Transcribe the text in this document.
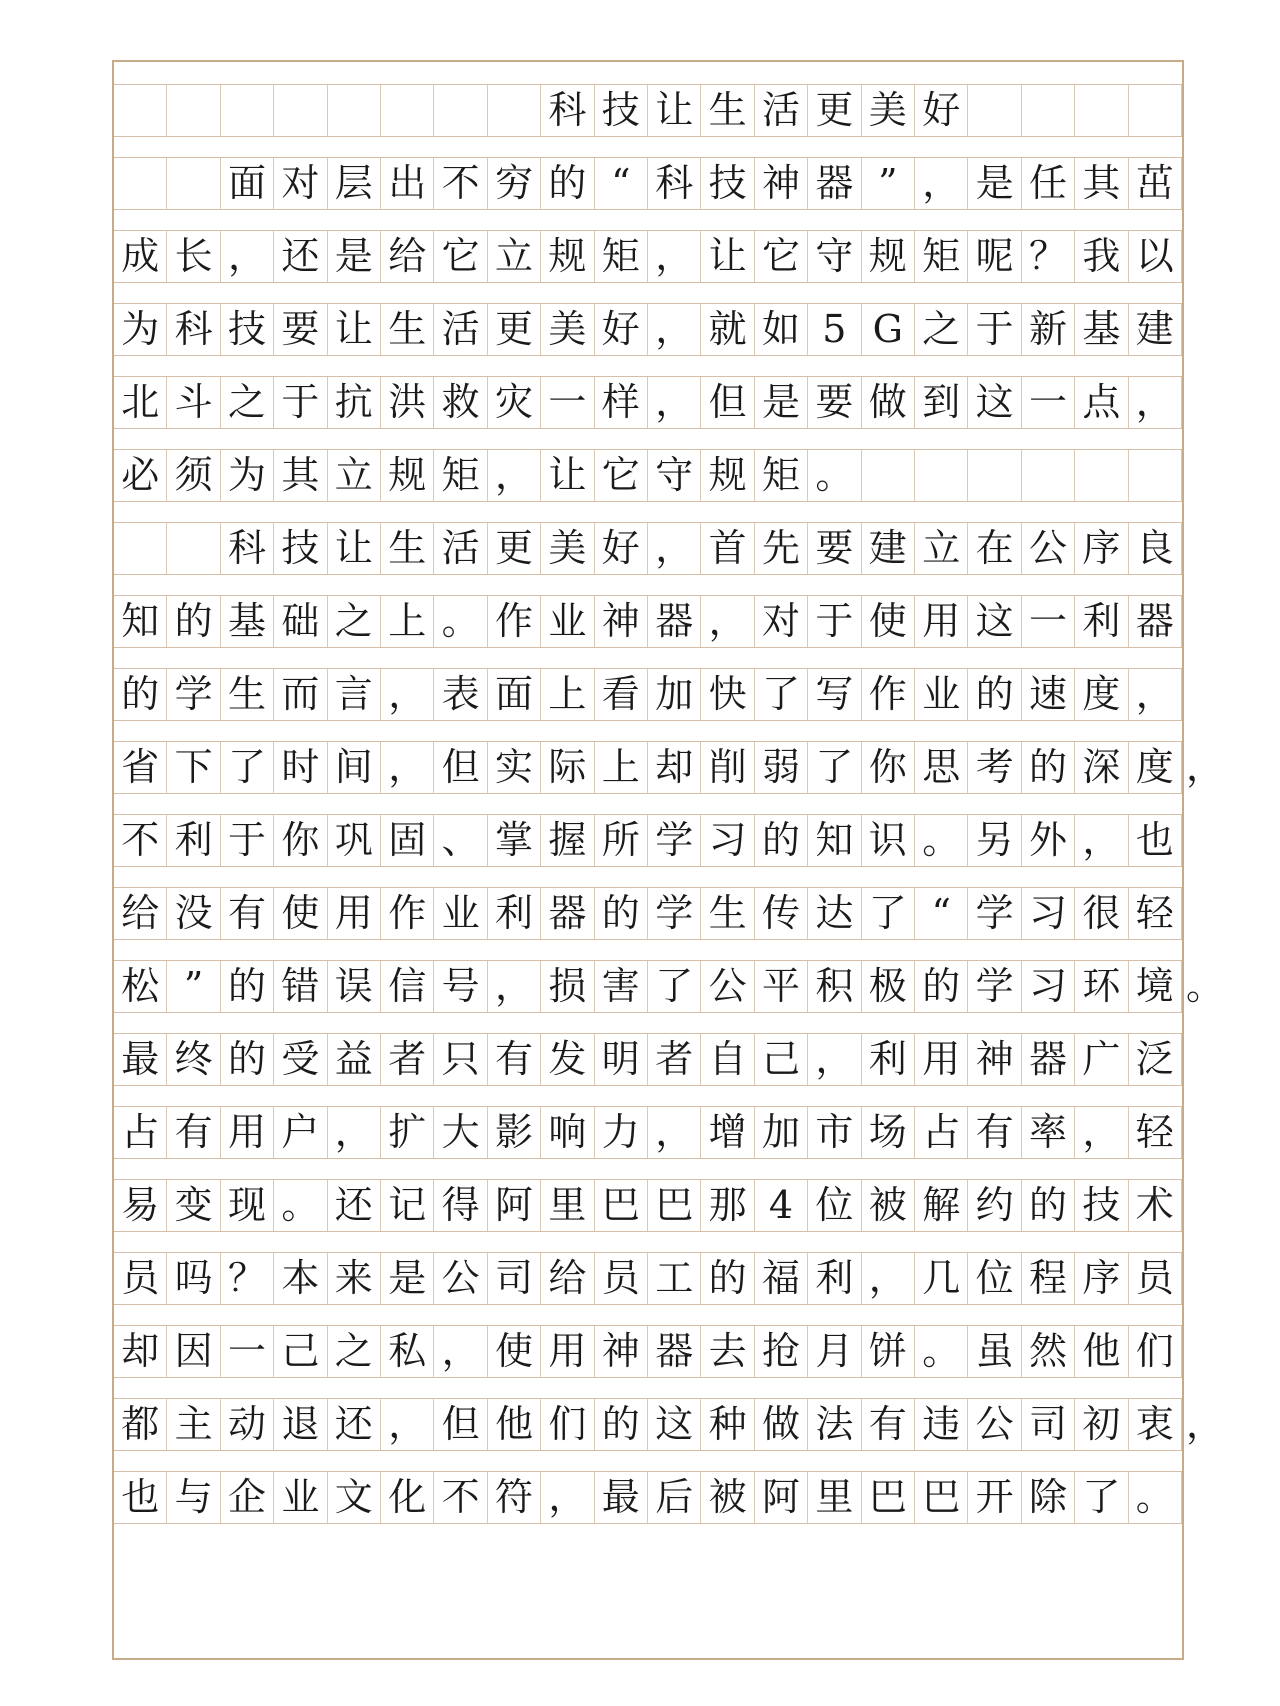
科 技 让 生 活 更 美 好
面 对 层 出 不 穷 的 “ 科 技 神 器 ” ， 是 任 其 茁
成 长 ， 还 是 给 它 立 规 矩 ， 让 它 守 规 矩 呢 ？ 我 以
为 科 技 要 让 生 活 更 美 好 ， 就 如 5 G 之 于 新 基 建
北 斗 之 于 抗 洪 救 灾 一 样 ， 但 是 要 做 到 这 一 点 ，
必 须 为 其 立 规 矩 ， 让 它 守 规 矩 。
科 技 让 生 活 更 美 好 ， 首 先 要 建 立 在 公 序 良
知 的 基 础 之 上 。 作 业 神 器 ， 对 于 使 用 这 一 利 器
的 学 生 而 言 ， 表 面 上 看 加 快 了 写 作 业 的 速 度 ，
省 下 了 时 间 ， 但 实 际 上 却 削 弱 了 你 思 考 的 深 度 ，
不 利 于 你 巩 固 、 掌 握 所 学 习 的 知 识 。 另 外 ， 也
给 没 有 使 用 作 业 利 器 的 学 生 传 达 了 “ 学 习 很 轻
松 ” 的 错 误 信 号 ， 损 害 了 公 平 积 极 的 学 习 环 境 。
最 终 的 受 益 者 只 有 发 明 者 自 己 ， 利 用 神 器 广 泛
占 有 用 户 ， 扩 大 影 响 力 ， 增 加 市 场 占 有 率 ， 轻
易 变 现 。 还 记 得 阿 里 巴 巴 那 4 位 被 解 约 的 技 术
员 吗 ？ 本 来 是 公 司 给 员 工 的 福 利 ， 几 位 程 序 员
却 因 一 己 之 私 ， 使 用 神 器 去 抢 月 饼 。 虽 然 他 们
都 主 动 退 还 ， 但 他 们 的 这 种 做 法 有 违 公 司 初 衷 ，
也 与 企 业 文 化 不 符 ， 最 后 被 阿 里 巴 巴 开 除 了 。
